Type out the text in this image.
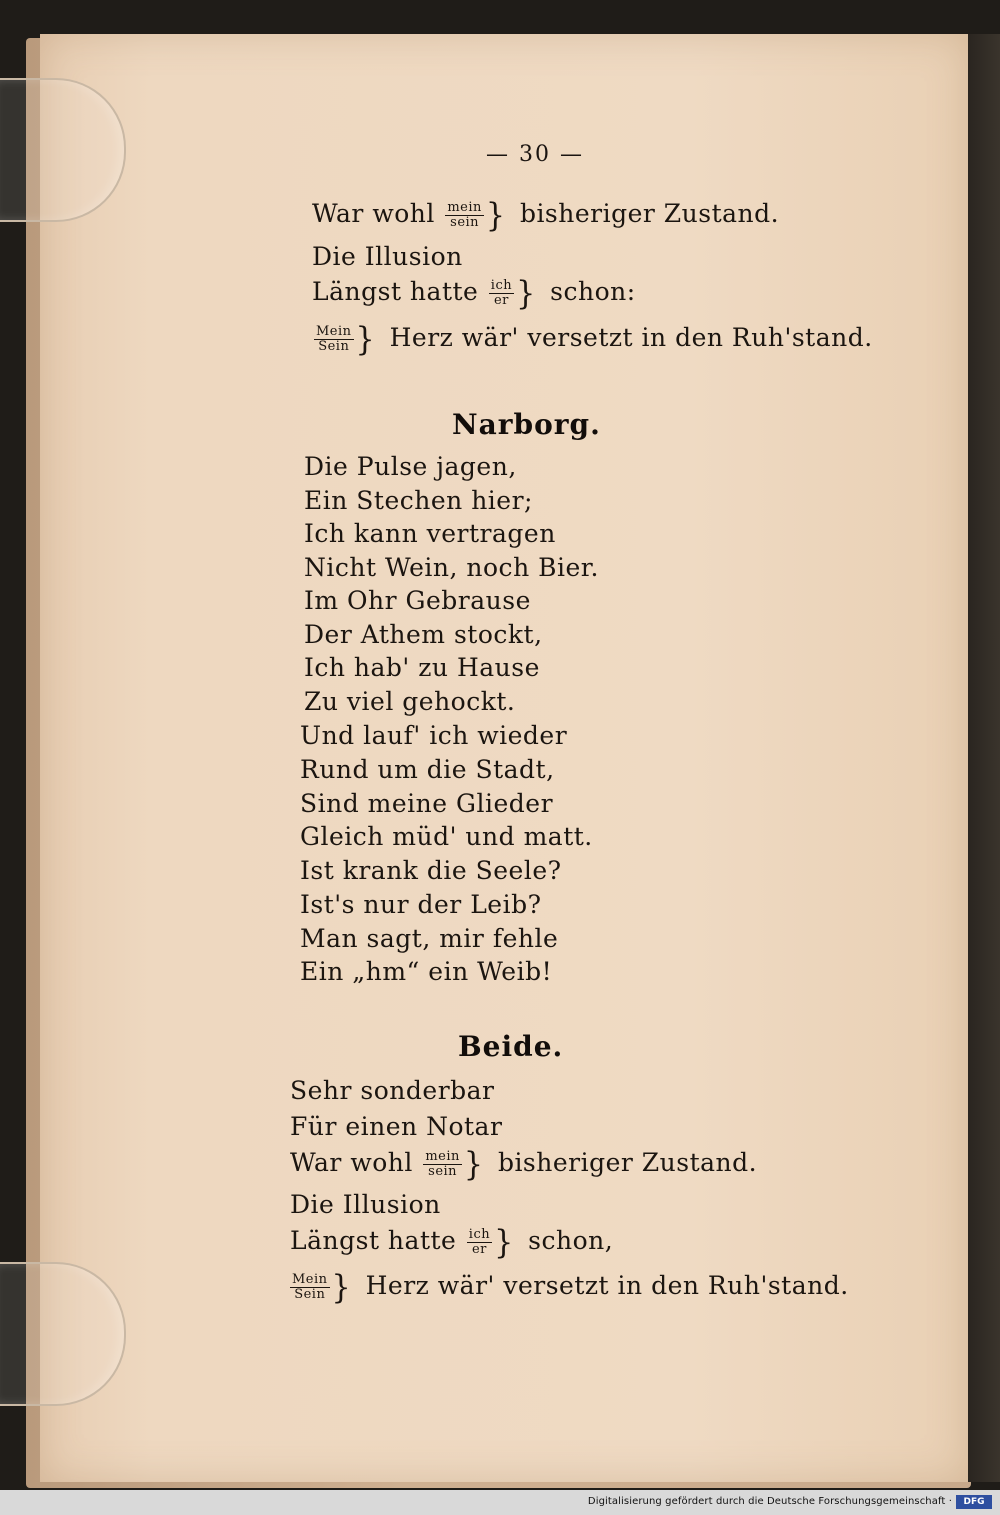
— 30 —
War wohl mein
sein } bisheriger Zustand.
Die Illusion
Längst hatte ich
er } schon:
Mein
Sein } Herz wär' versetzt in den Ruh'stand.
Narborg.
Die Pulse jagen,
Ein Stechen hier;
Ich kann vertragen
Nicht Wein, noch Bier.
Im Ohr Gebrause
Der Athem stockt,
Ich hab' zu Hause
Zu viel gehockt.
Und lauf' ich wieder
Rund um die Stadt,
Sind meine Glieder
Gleich müd' und matt.
Ist krank die Seele?
Ist's nur der Leib?
Man sagt, mir fehle
Ein „hm“ ein Weib!
Beide.
Sehr sonderbar
Für einen Notar
War wohl mein
sein } bisheriger Zustand.
Die Illusion
Längst hatte ich
er } schon,
Mein
Sein } Herz wär' versetzt in den Ruh'stand.
Digitalisierung gefördert durch die Deutsche Forschungsgemeinschaft ·	DFG
